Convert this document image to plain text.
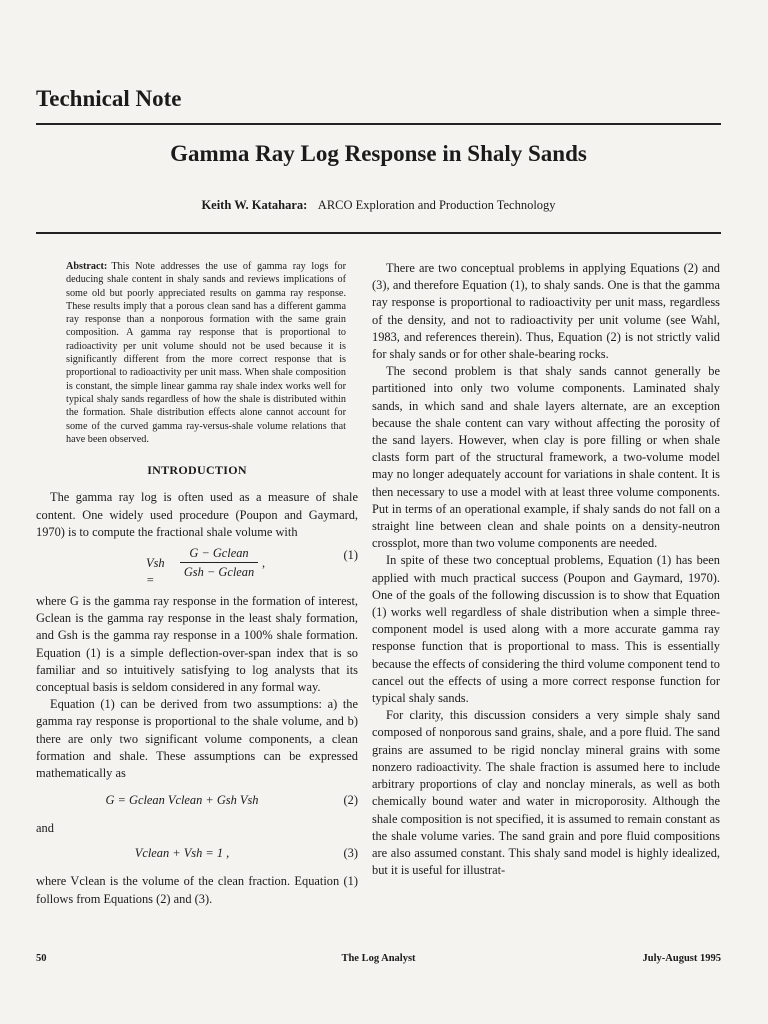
Technical Note
Gamma Ray Log Response in Shaly Sands
Keith W. Katahara: ARCO Exploration and Production Technology
Abstract: This Note addresses the use of gamma ray logs for deducing shale content in shaly sands and reviews implications of some old but poorly appreciated results on gamma ray response. These results imply that a porous clean sand has a different gamma ray response than a nonporous formation with the same grain composition. A gamma ray response that is proportional to radioactivity per unit volume should not be used because it is significantly different from the more correct response that is proportional to radioactivity per unit mass. When shale composition is constant, the simple linear gamma ray shale index works well for typical shaly sands regardless of how the shale is distributed within the formation. Shale distribution effects alone cannot account for some of the curved gamma ray-versus-shale volume relations that have been observed.
INTRODUCTION

The gamma ray log is often used as a measure of shale content. One widely used procedure (Poupon and Gaymard, 1970) is to compute the fractional shale volume with

Vsh =
G − Gclean
Gsh − Gclean
,
(1)

where G is the gamma ray response in the formation of interest, Gclean is the gamma ray response in the least shaly formation, and Gsh is the gamma ray response in a 100% shale formation. Equation (1) is a simple deflection-over-span index that is so familiar and so intuitively satisfying to log analysts that its conceptual basis is seldom considered in any formal way.

Equation (1) can be derived from two assumptions: a) the gamma ray response is proportional to the shale volume, and b) there are only two significant volume components, a clean formation and shale. These assumptions can be expressed mathematically as

G = Gclean Vclean + Gsh Vsh	(2)

and

Vclean + Vsh = 1 ,	(3)

where Vclean is the volume of the clean fraction. Equation (1) follows from Equations (2) and (3).

There are two conceptual problems in applying Equations (2) and (3), and therefore Equation (1), to shaly sands. One is that the gamma ray response is proportional to radioactivity per unit mass, regardless of the density, and not to radioactivity per unit volume (see Wahl, 1983, and references therein). Thus, Equation (2) is not strictly valid for shaly sands or for other shale-bearing rocks.

The second problem is that shaly sands cannot generally be partitioned into only two volume components. Laminated shaly sands, in which sand and shale layers alternate, are an exception because the shale content can vary without affecting the porosity of the sand layers. However, when clay is pore filling or when shale clasts form part of the structural framework, a two-volume model may no longer adequately account for variations in shale content. It is then necessary to use a model with at least three volume components. Put in terms of an operational example, if shaly sands do not fall on a straight line between clean and shale points on a density-neutron crossplot, more than two volume components are needed.

In spite of these two conceptual problems, Equation (1) has been applied with much practical success (Poupon and Gaymard, 1970). One of the goals of the following discussion is to show that Equation (1) works well regardless of shale distribution when a simple three-component model is used along with a more accurate gamma ray response function that is proportional to mass. This is essentially because the effects of considering the third volume component tend to cancel out the effects of using a more correct response function for typical shaly sands.

For clarity, this discussion considers a very simple shaly sand composed of nonporous sand grains, shale, and a pore fluid. The sand grains are assumed to be rigid nonclay mineral grains with some nonzero radioactivity. The shale fraction is assumed here to include arbitrary proportions of clay and nonclay minerals, as well as both chemically bound water and water in microporosity. Although the shale composition is not specified, it is assumed to remain constant as the shale volume varies. The sand grain and pore fluid compositions are also assumed constant. This shaly sand model is highly idealized, but it is useful for illustrat-

50	The Log Analyst	July-August 1995
